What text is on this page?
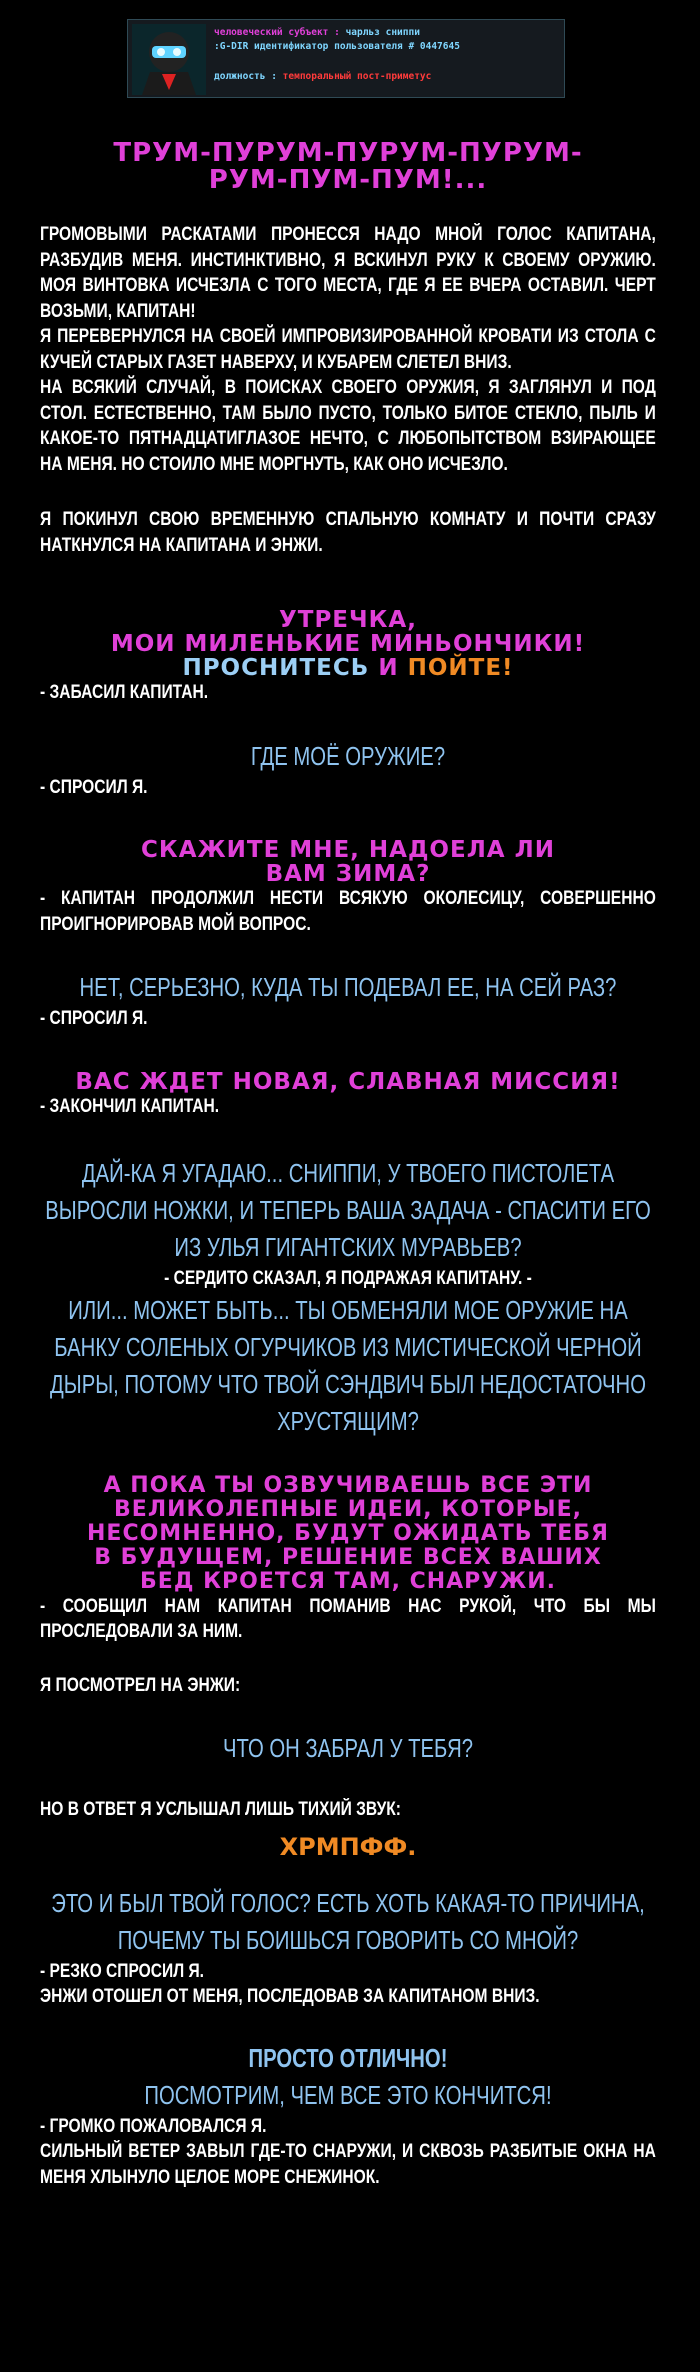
человеческий субъект : чарльз сниппи
:G-DIR идентификатор пользователя # 0447645
должность : темпоральный пост-приметус
ТРУМ-ПУРУМ-ПУРУМ-ПУРУМ-РУМ-ПУМ-ПУМ!...

ГРОМОВЫМИ РАСКАТАМИ ПРОНЕССЯ НАДО МНОЙ ГОЛОС КАПИТАНА, РАЗБУДИВ МЕНЯ. ИНСТИНКТИВНО, Я ВСКИНУЛ РУКУ К СВОЕМУ ОРУЖИЮ. МОЯ ВИНТОВКА ИСЧЕЗЛА С ТОГО МЕСТА, ГДЕ Я ЕЕ ВЧЕРА ОСТАВИЛ. ЧЕРТ ВОЗЬМИ, КАПИТАН!

Я ПЕРЕВЕРНУЛСЯ НА СВОЕЙ ИМПРОВИЗИРОВАННОЙ КРОВАТИ ИЗ СТОЛА С КУЧЕЙ СТАРЫХ ГАЗЕТ НАВЕРХУ, И КУБАРЕМ СЛЕТЕЛ ВНИЗ.

НА ВСЯКИЙ СЛУЧАЙ, В ПОИСКАХ СВОЕГО ОРУЖИЯ, Я ЗАГЛЯНУЛ И ПОД СТОЛ. ЕСТЕСТВЕННО, ТАМ БЫЛО ПУСТО, ТОЛЬКО БИТОЕ СТЕКЛО, ПЫЛЬ И КАКОЕ-ТО ПЯТНАДЦАТИГЛАЗОЕ НЕЧТО, С ЛЮБОПЫТСТВОМ ВЗИРАЮЩЕЕ НА МЕНЯ. НО СТОИЛО МНЕ МОРГНУТЬ, КАК ОНО ИСЧЕЗЛО.

Я ПОКИНУЛ СВОЮ ВРЕМЕННУЮ СПАЛЬНУЮ КОМНАТУ И ПОЧТИ СРАЗУ НАТКНУЛСЯ НА КАПИТАНА И ЭНЖИ.

УТРЕЧКА,
МОИ МИЛЕНЬКИЕ МИНЬОНЧИКИ!
ПРОСНИТЕСЬ И ПОЙТЕ!
- ЗАБАСИЛ КАПИТАН.
ГДЕ МОЁ ОРУЖИЕ?
- СПРОСИЛ Я.
СКАЖИТЕ МНЕ, НАДОЕЛА ЛИ ВАМ ЗИМА?
- КАПИТАН ПРОДОЛЖИЛ НЕСТИ ВСЯКУЮ ОКОЛЕСИЦУ, СОВЕРШЕННО ПРОИГНОРИРОВАВ МОЙ ВОПРОС.
НЕТ, СЕРЬЕЗНО, КУДА ТЫ ПОДЕВАЛ ЕЕ, НА СЕЙ РАЗ?
- СПРОСИЛ Я.
ВАС ЖДЕТ НОВАЯ, СЛАВНАЯ МИССИЯ!
- ЗАКОНЧИЛ КАПИТАН.
ДАЙ-КА Я УГАДАЮ... СНИППИ, У ТВОЕГО ПИСТОЛЕТА ВЫРОСЛИ НОЖКИ, И ТЕПЕРЬ ВАША ЗАДАЧА - СПАСИТИ ЕГО ИЗ УЛЬЯ ГИГАНТСКИХ МУРАВЬЕВ?
- СЕРДИТО СКАЗАЛ, Я ПОДРАЖАЯ КАПИТАНУ. -
ИЛИ... МОЖЕТ БЫТЬ... ТЫ ОБМЕНЯЛИ МОЕ ОРУЖИЕ НА БАНКУ СОЛЕНЫХ ОГУРЧИКОВ ИЗ МИСТИЧЕСКОЙ ЧЕРНОЙ ДЫРЫ, ПОТОМУ ЧТО ТВОЙ СЭНДВИЧ БЫЛ НЕДОСТАТОЧНО ХРУСТЯЩИМ?
А ПОКА ТЫ ОЗВУЧИВАЕШЬ ВСЕ ЭТИ ВЕЛИКОЛЕПНЫЕ ИДЕИ, КОТОРЫЕ, НЕСОМНЕННО, БУДУТ ОЖИДАТЬ ТЕБЯ В БУДУЩЕМ, РЕШЕНИЕ ВСЕХ ВАШИХ БЕД КРОЕТСЯ ТАМ, СНАРУЖИ.
- СООБЩИЛ НАМ КАПИТАН ПОМАНИВ НАС РУКОЙ, ЧТО БЫ МЫ ПРОСЛЕДОВАЛИ ЗА НИМ.
Я ПОСМОТРЕЛ НА ЭНЖИ:
ЧТО ОН ЗАБРАЛ У ТЕБЯ?
НО В ОТВЕТ Я УСЛЫШАЛ ЛИШЬ ТИХИЙ ЗВУК:
ХРМПФФ.
ЭТО И БЫЛ ТВОЙ ГОЛОС? ЕСТЬ ХОТЬ КАКАЯ-ТО ПРИЧИНА, ПОЧЕМУ ТЫ БОИШЬСЯ ГОВОРИТЬ СО МНОЙ?
- РЕЗКО СПРОСИЛ Я.
ЭНЖИ ОТОШЕЛ ОТ МЕНЯ, ПОСЛЕДОВАВ ЗА КАПИТАНОМ ВНИЗ.
ПРОСТО ОТЛИЧНО!
ПОСМОТРИМ, ЧЕМ ВСЕ ЭТО КОНЧИТСЯ!
- ГРОМКО ПОЖАЛОВАЛСЯ Я.
СИЛЬНЫЙ ВЕТЕР ЗАВЫЛ ГДЕ-ТО СНАРУЖИ, И СКВОЗЬ РАЗБИТЫЕ ОКНА НА МЕНЯ ХЛЫНУЛО ЦЕЛОЕ МОРЕ СНЕЖИНОК.
